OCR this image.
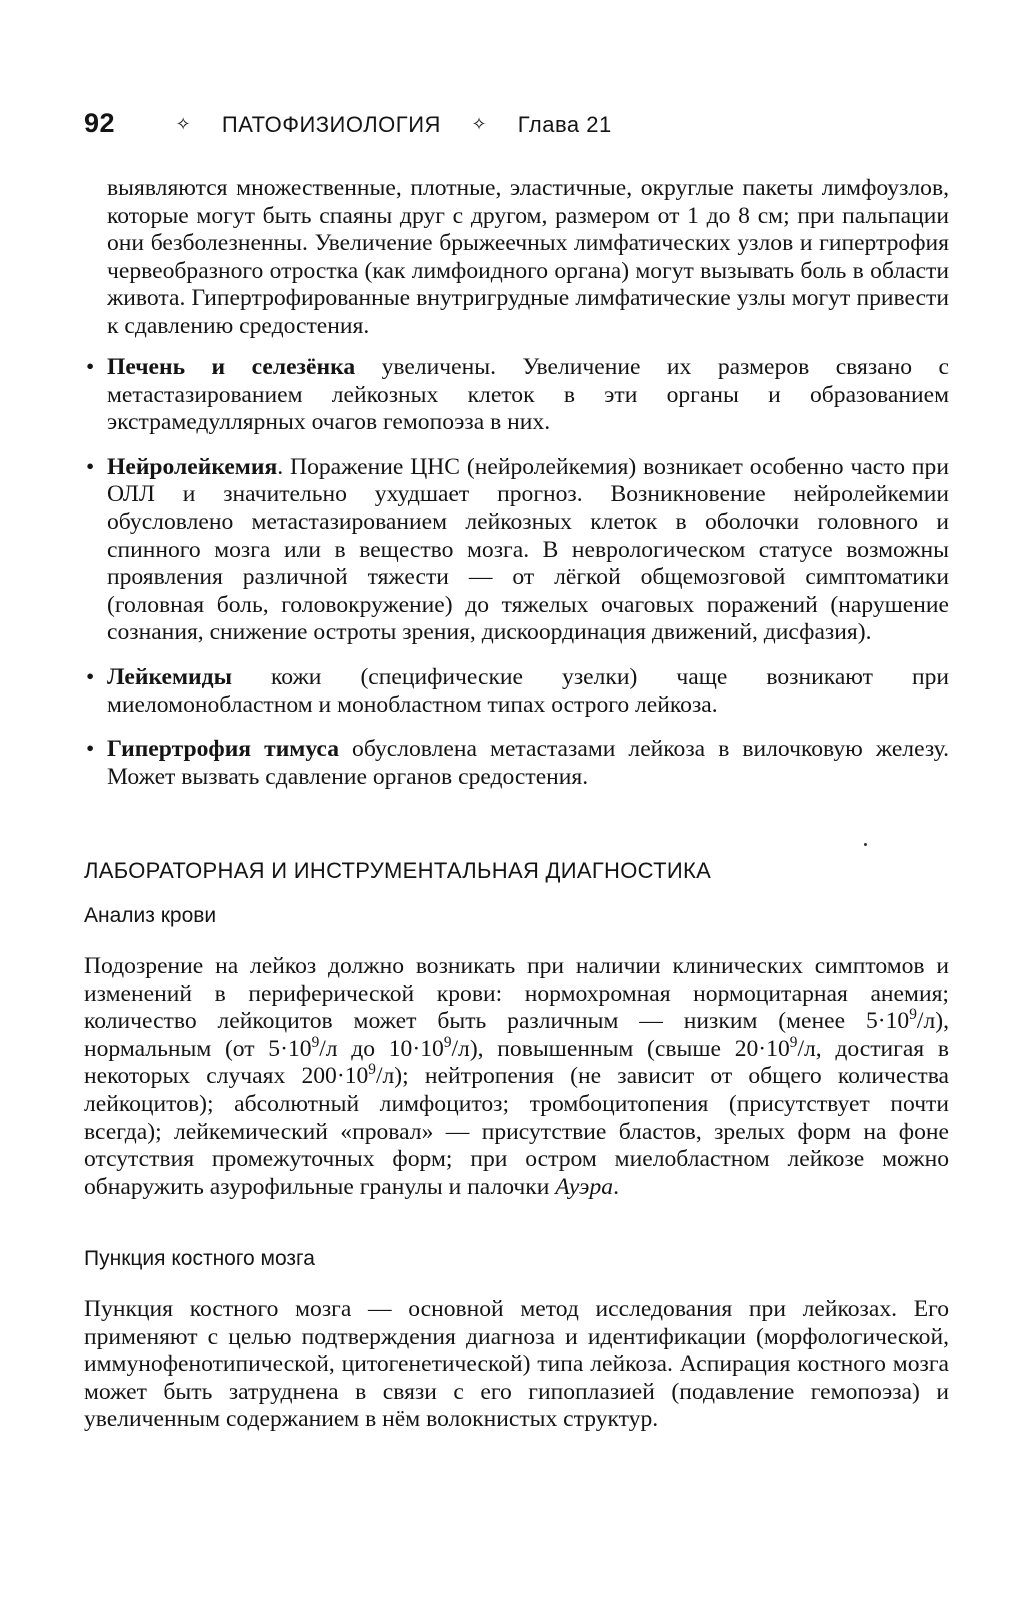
92	✧ ПАТОФИЗИОЛОГИЯ ✧ Глава 21

выявляются множественные, плотные, эластичные, округлые пакеты лимфоузлов, которые могут быть спаяны друг с другом, размером от 1 до 8 см; при пальпации они безболезненны. Увеличение брыжеечных лимфатических узлов и гипертрофия червеобразного отростка (как лимфоидного органа) могут вызывать боль в области живота. Гипертрофированные внутригрудные лимфатические узлы могут привести к сдавлению средостения.

• Печень и селезёнка увеличены. Увеличение их размеров связано с метастазированием лейкозных клеток в эти органы и образованием экстрамедуллярных очагов гемопоэза в них.
• Нейролейкемия. Поражение ЦНС (нейролейкемия) возникает особенно часто при ОЛЛ и значительно ухудшает прогноз. Возникновение нейролейкемии обусловлено метастазированием лейкозных клеток в оболочки головного и спинного мозга или в вещество мозга. В неврологическом статусе возможны проявления различной тяжести — от лёгкой общемозговой симптоматики (головная боль, головокружение) до тяжелых очаговых поражений (нарушение сознания, снижение остроты зрения, дискоординация движений, дисфазия).
• Лейкемиды кожи (специфические узелки) чаще возникают при миеломонобластном и монобластном типах острого лейкоза.
• Гипертрофия тимуса обусловлена метастазами лейкоза в вилочковую железу. Может вызвать сдавление органов средостения.
ЛАБОРАТОРНАЯ И ИНСТРУМЕНТАЛЬНАЯ ДИАГНОСТИКА
Анализ крови

Подозрение на лейкоз должно возникать при наличии клинических симптомов и изменений в периферической крови: нормохромная нормоцитарная анемия; количество лейкоцитов может быть различным — низким (менее $5\cdot 10^9/л$), нормальным (от $5\cdot 10^9/л$ до $10\cdot 10^9/л$), повышенным (свыше $20\cdot 10^9/л$, достигая в некоторых случаях $200\cdot 10^9/л$); нейтропения (не зависит от общего количества лейкоцитов); абсолютный лимфоцитоз; тромбоцитопения (присутствует почти всегда); лейкемический «провал» — присутствие бластов, зрелых форм на фоне отсутствия промежуточных форм; при остром миелобластном лейкозе можно обнаружить азурофильные гранулы и палочки Ауэра.

Пункция костного мозга

Пункция костного мозга — основной метод исследования при лейкозах. Его применяют с целью подтверждения диагноза и идентификации (морфологической, иммунофенотипической, цитогенетической) типа лейкоза. Аспирация костного мозга может быть затруднена в связи с его гипоплазией (подавление гемопоэза) и увеличенным содержанием в нём волокнистых структур.
